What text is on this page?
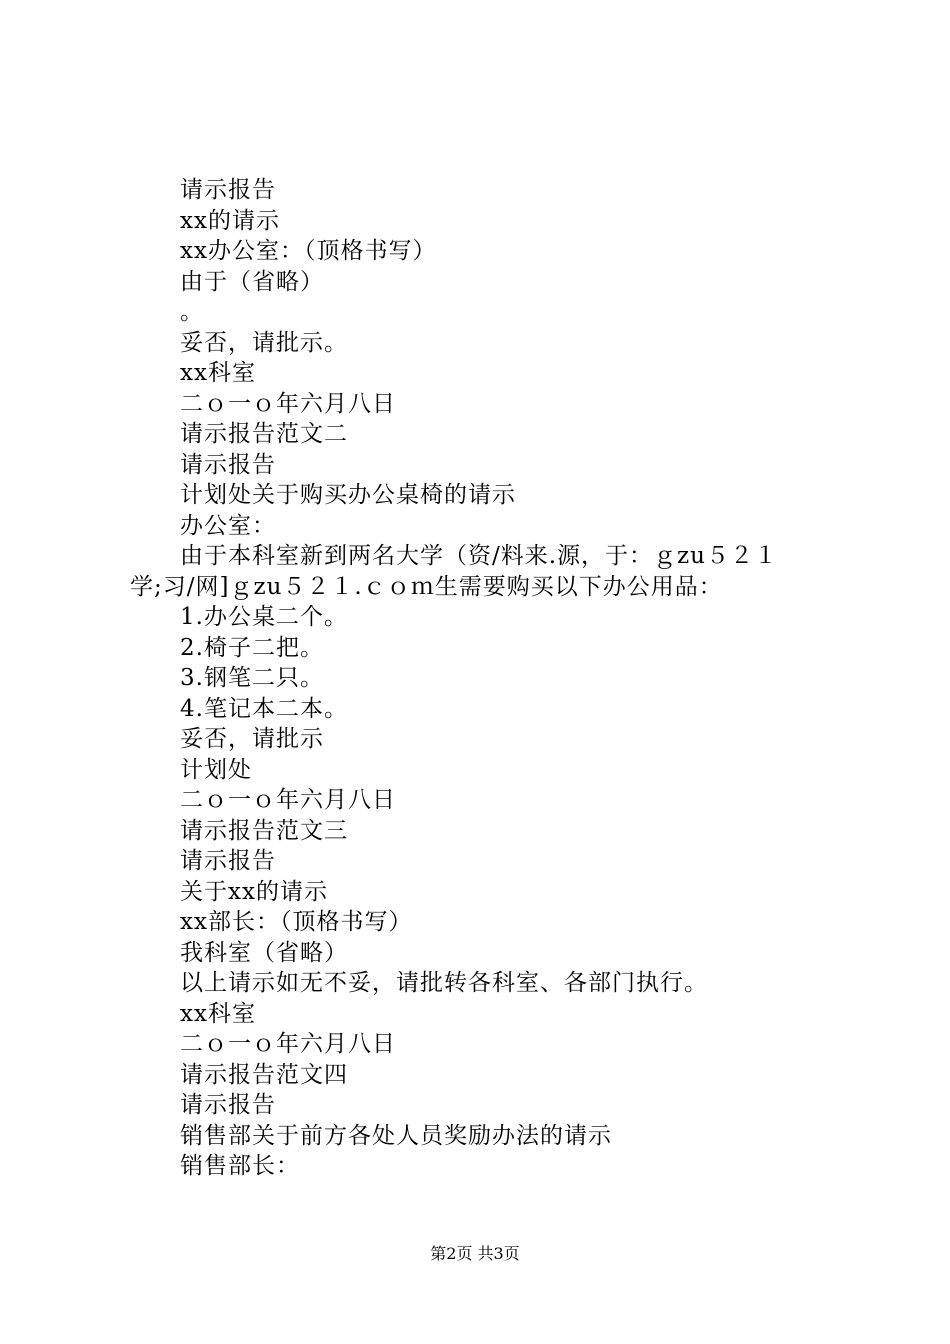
请示报告
xx的请示
xx办公室：（顶格书写）
由于（省略）
。
妥否，请批示。
xx科室
二ｏ一ｏ年六月八日
请示报告范文二
请示报告
计划处关于购买办公桌椅的请示
办公室：
由于本科室新到两名大学（资/料来.源，于：ｇzu５２１
学;习/网]ｇzu５２１.ｃｏｍ生需要购买以下办公用品：
1.办公桌二个。
2.椅子二把。
3.钢笔二只。
4.笔记本二本。
妥否，请批示
计划处
二ｏ一ｏ年六月八日
请示报告范文三
请示报告
关于xx的请示
xx部长：（顶格书写）
我科室（省略）
以上请示如无不妥，请批转各科室、各部门执行。
xx科室
二ｏ一ｏ年六月八日
请示报告范文四
请示报告
销售部关于前方各处人员奖励办法的请示
销售部长：
第2页 共3页
